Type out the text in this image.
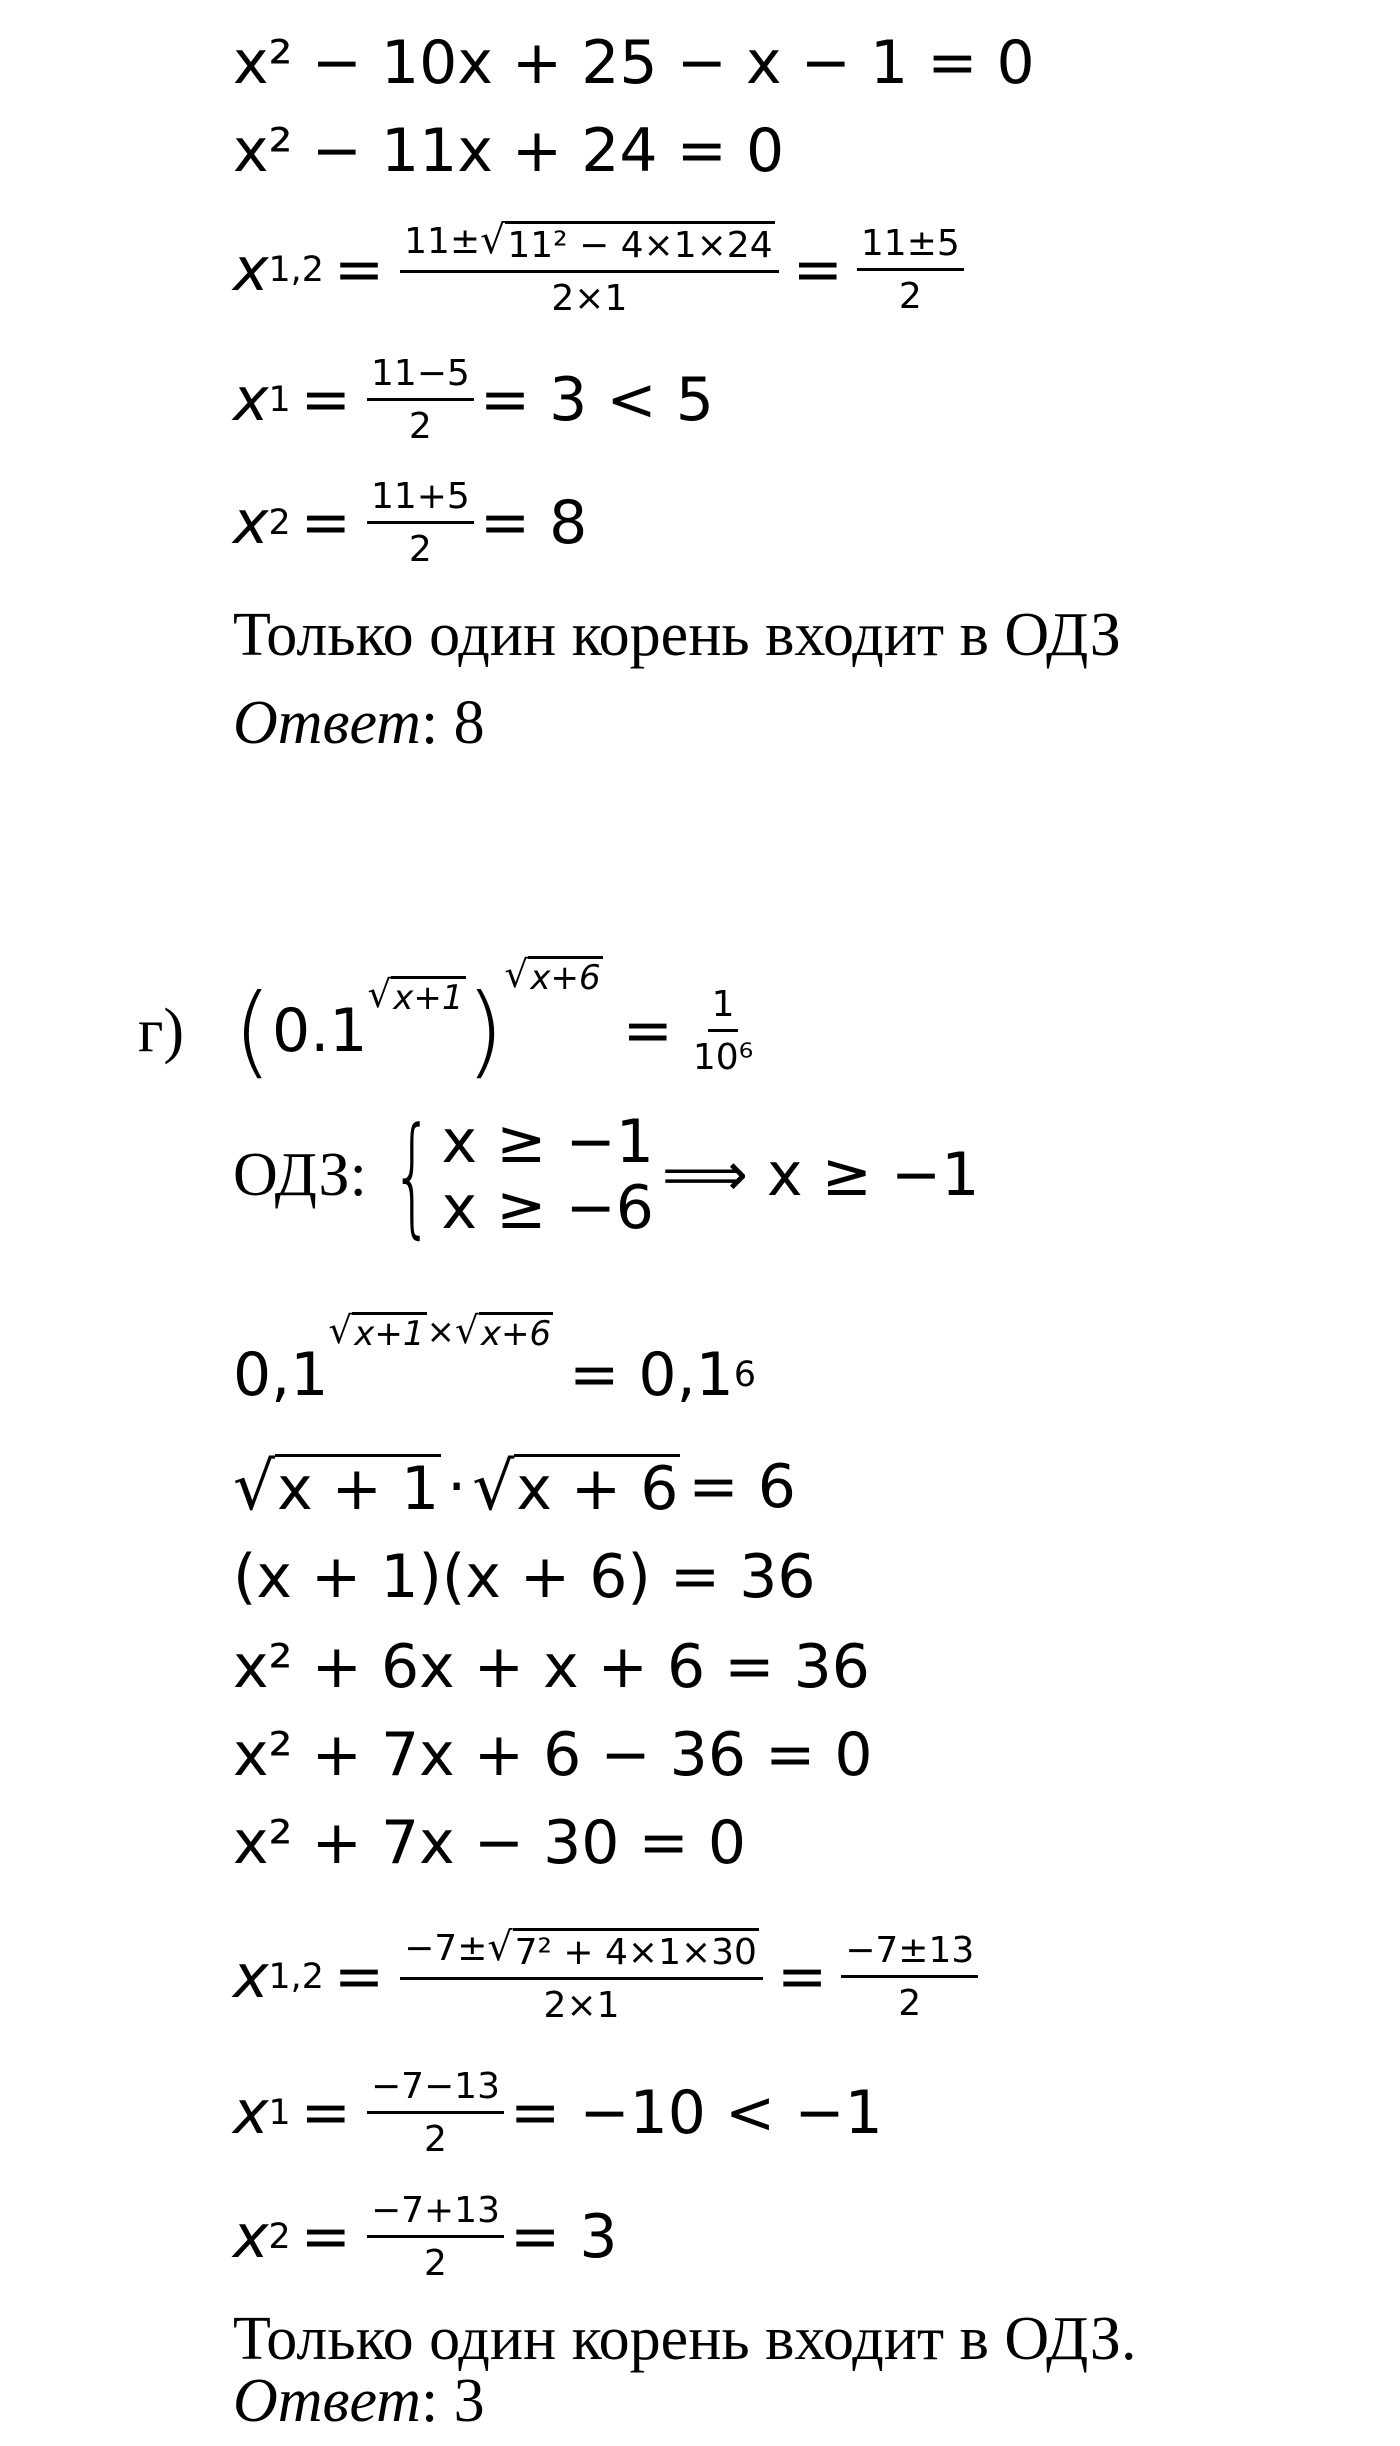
x² − 10x + 25 − x − 1 = 0
x² − 11x + 24 = 0
x $1,2 = \frac{\text{11± √ 11² − 4×1×24}}{2\times 1} = \frac{11\pm 5}{2}$
x $1 = \frac{11-5}{2} = 3 < 5$
x $2 = \frac{11+5}{2} = 8$
Только один корень входит в ОДЗ
Ответ : 8
г) ( 0.1
√ x+1 ) √ x+6
= $\frac{1}{\text{10⁶}}$
ОДЗ: { x ≥ −1
x ≥ −6 ⟹ x ≥ −1
0,1
√ x+1 × √ x+6
= 0,1 6
√ x + 1 · √ x + 6 = 6
(x + 1)(x + 6) = 36
x² + 6x + x + 6 = 36
x² + 7x + 6 − 36 = 0
x² + 7x − 30 = 0
x $1,2 = \frac{\text{−7± √ 7² + 4×1×30}}{2\times 1} = \frac{-7\pm 13}{2}$
x $1 = \frac{-7-13}{2} = -10 < -1$
x $2 = \frac{-7+13}{2} = 3$
Только один корень входит в ОДЗ.
Ответ : 3
